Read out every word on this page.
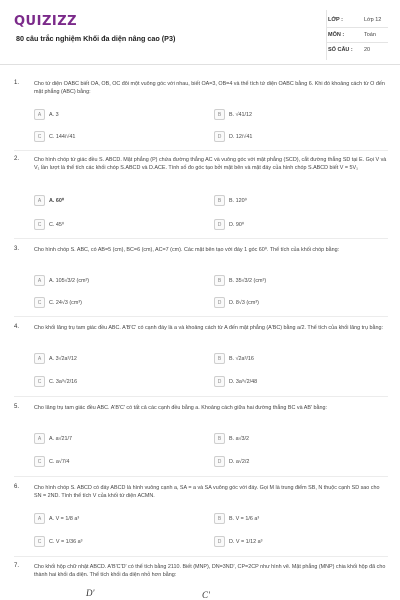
QUIZIZZ
80 câu trắc nghiệm Khối đa diện nâng cao (P3)
LỚP :	Lớp 12
MÔN :	Toán
SỐ CÂU : 20
1.	Cho tứ diện OABC biết OA, OB, OC đôi một vuông góc với nhau, biết OA=3, OB=4 và thể tích tứ diện OABC bằng 6. Khi đó khoảng cách từ O đến mặt phẳng (ABC) bằng:
A	A. 3	B	B. √41/12
C	C. 144/√41	D	D. 12/√41
2.	Cho hình chóp tứ giác đều S. ABCD. Mặt phẳng (P) chứa đường thẳng AC và vuông góc với mặt phẳng (SCD), cắt đường thẳng SD tại E. Gọi V và V₁ lần lượt là thể tích các khối chóp S.ABCD và D.ACE. Tính số đo góc tạo bởi mặt bên và mặt đáy của hình chóp S.ABCD biết V = 5V₁
A	A. 60⁰	B	B. 120⁰
C	C. 45⁰	D	D. 90⁰
3.	Cho hình chóp S. ABC, có AB=5 (cm), BC=6 (cm), AC=7 (cm). Các mặt bên tạo với đáy 1 góc 60⁰. Thể tích của khối chóp bằng:
A	A. 105√3/2 (cm³)	B	B. 35√3/2 (cm³)
C	C. 24√3 (cm³)	D	D. 8√3 (cm³)
4.	Cho khối lăng trụ tam giác đều ABC. A'B'C' có cạnh đáy là a và khoảng cách từ A đến mặt phẳng (A'BC) bằng a/2. Thể tích của khối lăng trụ bằng:
A	A. 3√2a³/12	B	B. √2a³/16
C	C. 3a³√2/16	D	D. 3a³√2/48
5.	Cho lăng trụ tam giác đều ABC. A'B'C' có tất cả các cạnh đều bằng a. Khoảng cách giữa hai đường thẳng BC và AB' bằng:
A	A. a√21/7	B	B. a√3/2
C	C. a√7/4	D	D. a√2/2
6.	Cho hình chóp S. ABCD có đáy ABCD là hình vuông cạnh a, SA = a và SA vuông góc với đáy. Gọi M là trung điểm SB, N thuộc cạnh SD sao cho SN = 2ND. Tính thể tích V của khối tứ diện ACMN.
A	A. V = 1/8 a³	B	B. V = 1/6 a³
C	C. V = 1/36 a³	D	D. V = 1/12 a³
7.	Cho khối hộp chữ nhật ABCD. A'B'C'D' có thể tích bằng 2110. Biết (MNP), DN=3ND', CP=2CP như hình vẽ. Mặt phẳng (MNP) chia khối hộp đã cho thành hai khối đa diện. Thể tích khối đa diện nhỏ hơn bằng:
D'	C'
